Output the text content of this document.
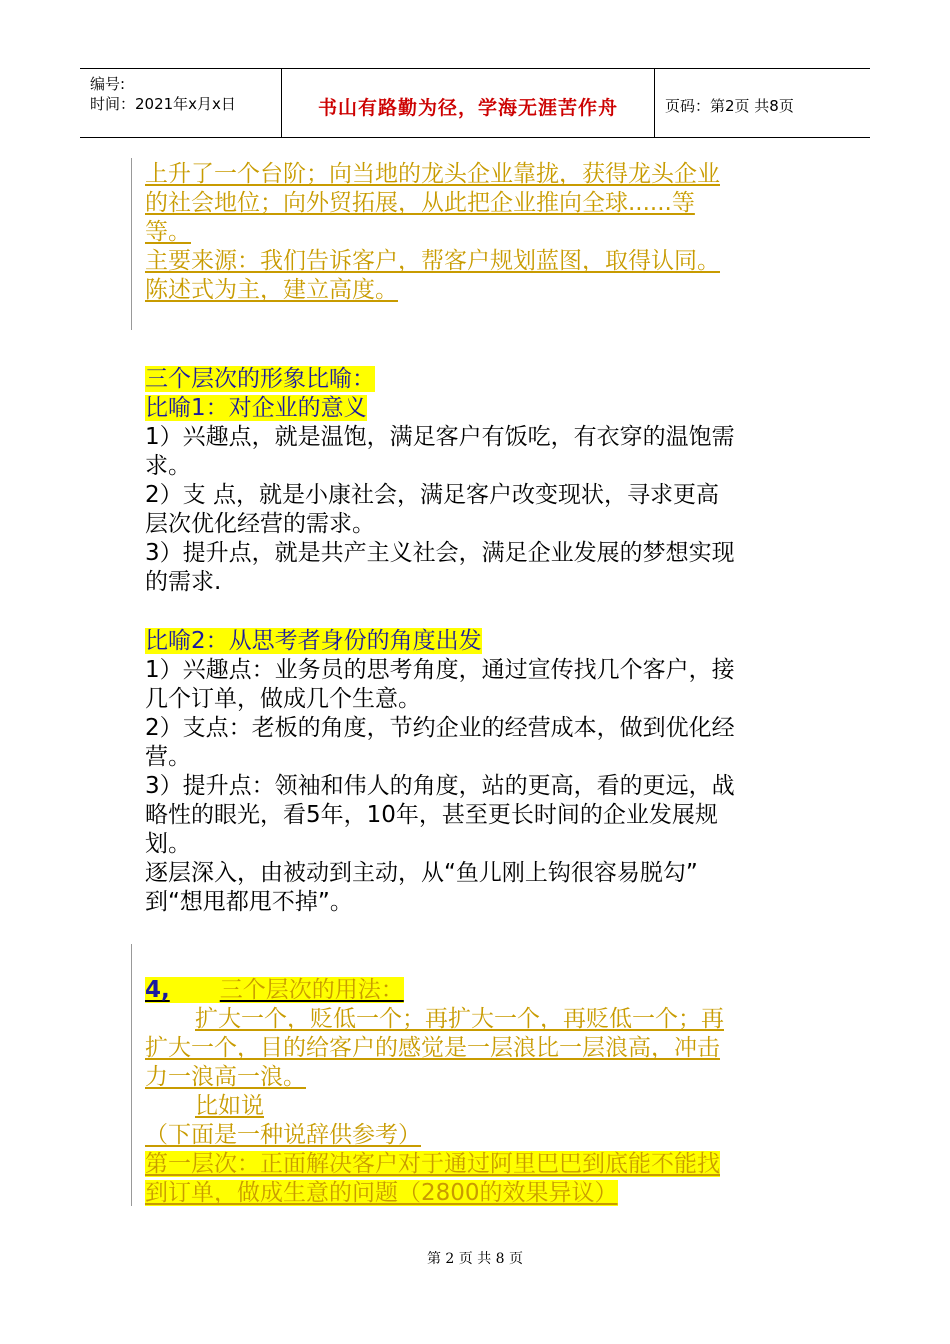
编号:
时间：2021年x月x日	书山有路勤为径，学海无涯苦作舟	页码：第2页 共8页
上升了一个台阶；向当地的龙头企业靠拢，获得龙头企业
的社会地位；向外贸拓展，从此把企业推向全球......等
等。
主要来源：我们告诉客户，帮客户规划蓝图，取得认同。
陈述式为主，建立高度。
三个层次的形象比喻：
比喻1：对企业的意义
1）兴趣点，就是温饱，满足客户有饭吃，有衣穿的温饱需
求。
2）支 点，就是小康社会，满足客户改变现状，寻求更高
层次优化经营的需求。
3）提升点，就是共产主义社会，满足企业发展的梦想实现
的需求.
比喻2：从思考者身份的角度出发
1）兴趣点：业务员的思考角度，通过宣传找几个客户，接
几个订单，做成几个生意。
2）支点：老板的角度，节约企业的经营成本，做到优化经
营。
3）提升点：领袖和伟人的角度，站的更高，看的更远，战
略性的眼光，看5年，10年，甚至更长时间的企业发展规
划。
逐层深入，由被动到主动，从“鱼儿刚上钩很容易脱勾”
到“想甩都甩不掉”。
4, 三个层次的用法：
扩大一个，贬低一个；再扩大一个，再贬低一个；再
扩大一个，目的给客户的感觉是一层浪比一层浪高，冲击
力一浪高一浪。
比如说
（下面是一种说辞供参考）
第一层次：正面解决客户对于通过阿里巴巴到底能不能找
到订单，做成生意的问题（2800的效果异议）
第 2 页 共 8 页
